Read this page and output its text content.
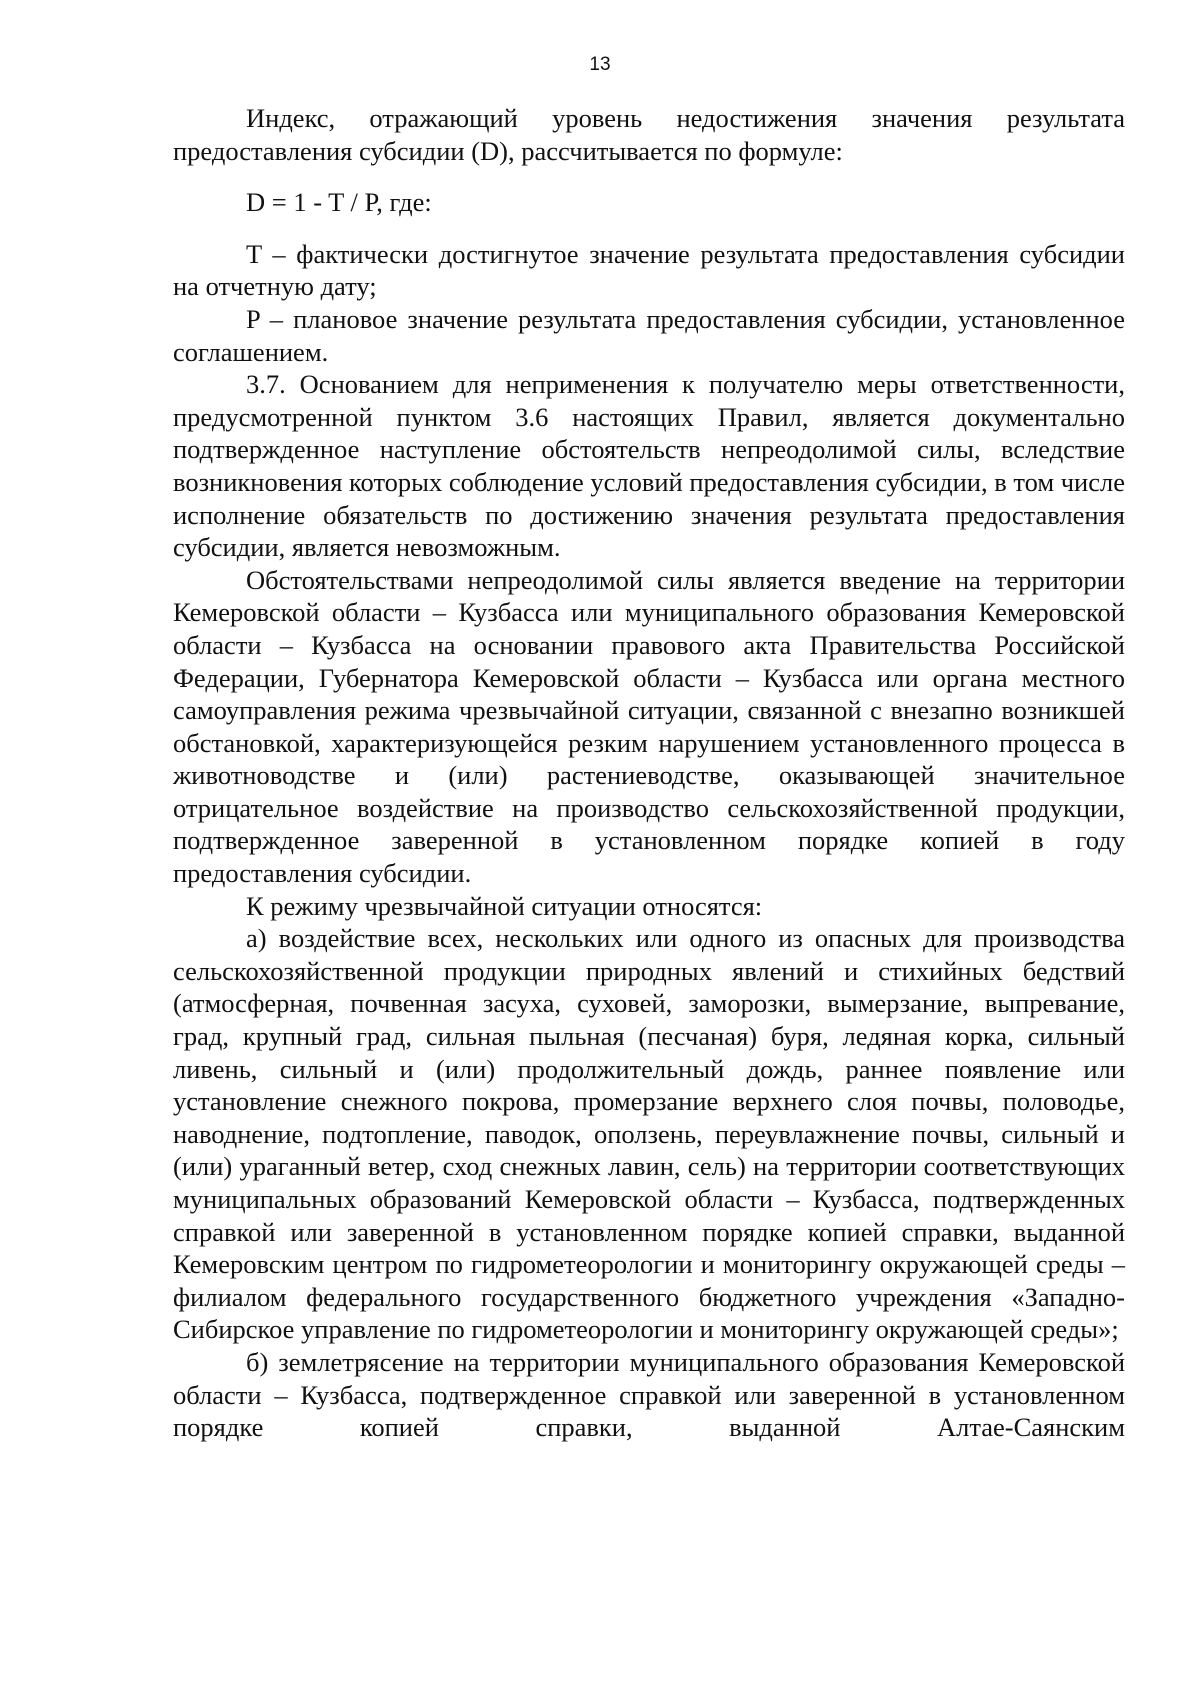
13

Индекс, отражающий уровень недостижения значения результата предоставления субсидии (D), рассчитывается по формуле:

D = 1 - T / P, где:

T – фактически достигнутое значение результата предоставления субсидии на отчетную дату;

P – плановое значение результата предоставления субсидии, установленное соглашением.

3.7. Основанием для неприменения к получателю меры ответственности, предусмотренной пунктом 3.6 настоящих Правил, является документально подтвержденное наступление обстоятельств непреодолимой силы, вследствие возникновения которых соблюдение условий предоставления субсидии, в том числе исполнение обязательств по достижению значения результата предоставления субсидии, является невозможным.

Обстоятельствами непреодолимой силы является введение на территории Кемеровской области – Кузбасса или муниципального образования Кемеровской области – Кузбасса на основании правового акта Правительства Российской Федерации, Губернатора Кемеровской области – Кузбасса или органа местного самоуправления режима чрезвычайной ситуации, связанной с внезапно возникшей обстановкой, характеризующейся резким нарушением установленного процесса в животноводстве и (или) растениеводстве, оказывающей значительное отрицательное воздействие на производство сельскохозяйственной продукции, подтвержденное заверенной в установленном порядке копией в году предоставления субсидии.

К режиму чрезвычайной ситуации относятся:

а) воздействие всех, нескольких или одного из опасных для производства сельскохозяйственной продукции природных явлений и стихийных бедствий (атмосферная, почвенная засуха, суховей, заморозки, вымерзание, выпревание, град, крупный град, сильная пыльная (песчаная) буря, ледяная корка, сильный ливень, сильный и (или) продолжительный дождь, раннее появление или установление снежного покрова, промерзание верхнего слоя почвы, половодье, наводнение, подтопление, паводок, оползень, переувлажнение почвы, сильный и (или) ураганный ветер, сход снежных лавин, сель) на территории соответствующих муниципальных образований Кемеровской области – Кузбасса, подтвержденных справкой или заверенной в установленном порядке копией справки, выданной Кемеровским центром по гидрометеорологии и мониторингу окружающей среды – филиалом федерального государственного бюджетного учреждения «Западно-Сибирское управление по гидрометеорологии и мониторингу окружающей среды»;

б) землетрясение на территории муниципального образования Кемеровской области – Кузбасса, подтвержденное справкой или заверенной в установленном порядке копией справки, выданной Алтае-Саянским
